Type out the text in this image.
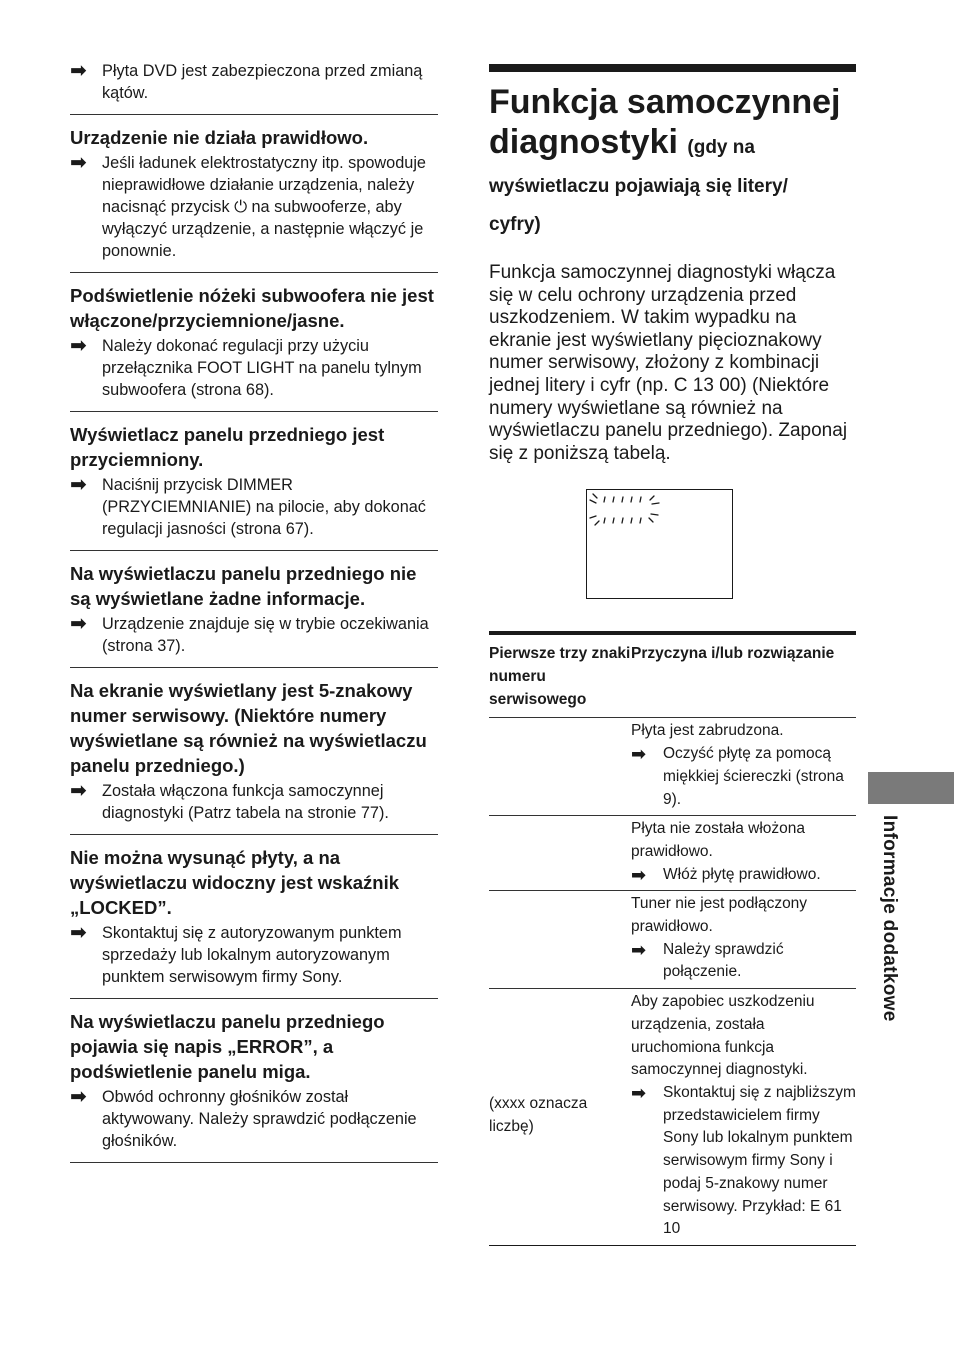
➡ Płyta DVD jest zabezpieczona przed zmianą kątów.
Urządzenie nie działa prawidłowo.
➡ Jeśli ładunek elektrostatyczny itp. spowoduje nieprawidłowe działanie urządzenia, należy nacisnąć przycisk ⏻ na subwooferze, aby wyłączyć urządzenie, a następnie włączyć je ponownie.
Podświetlenie nóżeki subwoofera nie jest włączone/przyciemnione/jasne.
➡ Należy dokonać regulacji przy użyciu przełącznika FOOT LIGHT na panelu tylnym subwoofera (strona 68).
Wyświetlacz panelu przedniego jest przyciemniony.
➡ Naciśnij przycisk DIMMER (PRZYCIEMNIANIE) na pilocie, aby dokonać regulacji jasności (strona 67).
Na wyświetlaczu panelu przedniego nie są wyświetlane żadne informacje.
➡ Urządzenie znajduje się w trybie oczekiwania (strona 37).
Na ekranie wyświetlany jest 5-znakowy numer serwisowy. (Niektóre numery wyświetlane są również na wyświetlaczu panelu przedniego.)
➡ Została włączona funkcja samoczynnej diagnostyki (Patrz tabela na stronie 77).
Nie można wysunąć płyty, a na wyświetlaczu widoczny jest wskaźnik „LOCKED”.
➡ Skontaktuj się z autoryzowanym punktem sprzedaży lub lokalnym autoryzowanym punktem serwisowym firmy Sony.
Na wyświetlaczu panelu przedniego pojawia się napis „ERROR”, a podświetlenie panelu miga.
➡ Obwód ochronny głośników został aktywowany. Należy sprawdzić podłączenie głośników.
Funkcja samoczynnej diagnostyki (gdy na
wyświetlaczu pojawiają się litery/
cyfry)

Funkcja samoczynnej diagnostyki włącza się w celu ochrony urządzenia przed uszkodzeniem. W takim wypadku na ekranie jest wyświetlany pięcioznakowy numer serwisowy, złożony z kombinacji jednej litery i cyfr (np. C 13 00) (Niektóre numery wyświetlane są również na wyświetlaczu panelu przedniego). Zaponaj się z poniższą tabelą.

Pierwsze trzy znaki numeru serwisowego
Przyczyna i/lub rozwiązanie
Płyta jest zabrudzona.
➡ Oczyść płytę za pomocą miękkiej ściereczki (strona 9).
Płyta nie została włożona prawidłowo.
➡ Włóż płytę prawidłowo.
Tuner nie jest podłączony prawidłowo.
➡ Należy sprawdzić połączenie.
(xxxx oznacza liczbę)
Aby zapobiec uszkodzeniu urządzenia, została uruchomiona funkcja samoczynnej diagnostyki.
➡ Skontaktuj się z najbliższym przedstawicielem firmy Sony lub lokalnym punktem serwisowym firmy Sony i podaj 5-znakowy numer serwisowy. Przykład: E 61 10
Informacje dodatkowe
